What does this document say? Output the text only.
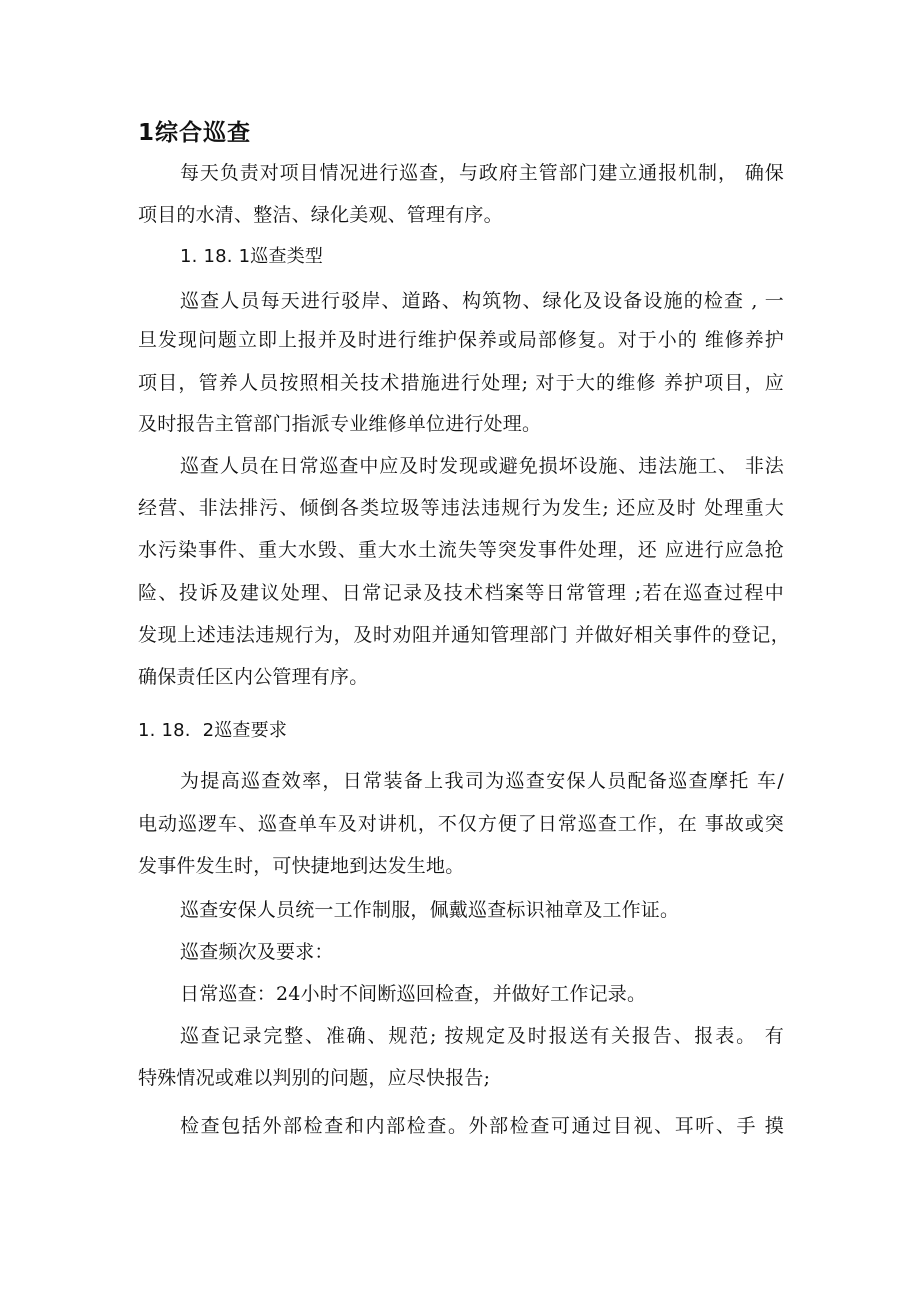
1综合巡查
每天负责对项目情况进行巡查，与政府主管部门建立通报机制， 确保
项目的水清、整洁、绿化美观、管理有序。
1. 18. 1巡查类型
巡查人员每天进行驳岸、道路、构筑物、绿化及设备设施的检查 , 一
旦发现问题立即上报并及时进行维护保养或局部修复。对于小的 维修养护
项目，管养人员按照相关技术措施进行处理; 对于大的维修 养护项目，应
及时报告主管部门指派专业维修单位进行处理。
巡查人员在日常巡查中应及时发现或避免损坏设施、违法施工、 非法
经营、非法排污、倾倒各类垃圾等违法违规行为发生; 还应及时 处理重大
水污染事件、重大水毁、重大水土流失等突发事件处理，还 应进行应急抢
险、投诉及建议处理、日常记录及技术档案等日常管理 ;若在巡查过程中
发现上述违法违规行为，及时劝阻并通知管理部门 并做好相关事件的登记，
确保责任区内公管理有序。
1. 18.  2巡查要求
为提高巡查效率，日常装备上我司为巡查安保人员配备巡查摩托 车/
电动巡逻车、巡查单车及对讲机，不仅方便了日常巡查工作，在 事故或突
发事件发生时，可快捷地到达发生地。
巡查安保人员统一工作制服，佩戴巡查标识袖章及工作证。
巡查频次及要求：
日常巡查：24小时不间断巡回检查，并做好工作记录。
巡查记录完整、准确、规范; 按规定及时报送有关报告、报表。 有
特殊情况或难以判别的问题，应尽快报告;
检查包括外部检查和内部检查。外部检查可通过目视、耳听、手 摸
